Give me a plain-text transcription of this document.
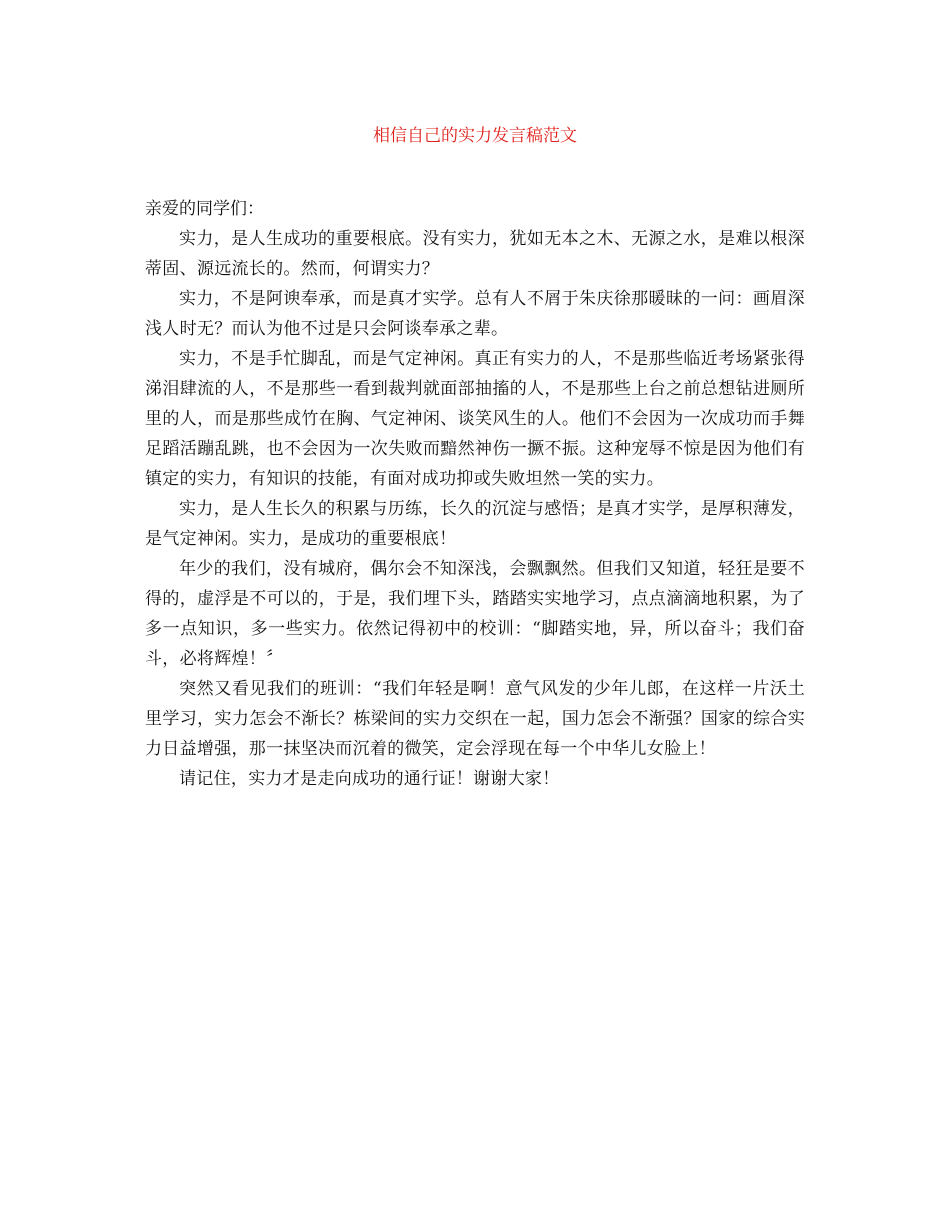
相信自己的实力发言稿范文

亲爱的同学们：

实力，是人生成功的重要根底。没有实力，犹如无本之木、无源之水，是难以根深蒂固、源远流长的。然而，何谓实力？

实力，不是阿谀奉承，而是真才实学。总有人不屑于朱庆徐那暖昧的一问：画眉深浅人时无？而认为他不过是只会阿谈奉承之辈。

实力，不是手忙脚乱，而是气定神闲。真正有实力的人，不是那些临近考场紧张得涕泪肆流的人，不是那些一看到裁判就面部抽搐的人，不是那些上台之前总想钻进厕所里的人，而是那些成竹在胸、气定神闲、谈笑风生的人。他们不会因为一次成功而手舞足蹈活蹦乱跳，也不会因为一次失败而黯然神伤一撅不振。这种宠辱不惊是因为他们有镇定的实力，有知识的技能，有面对成功抑或失败坦然一笑的实力。

实力，是人生长久的积累与历练，长久的沉淀与感悟；是真才实学，是厚积薄发，是气定神闲。实力，是成功的重要根底！

年少的我们，没有城府，偶尔会不知深浅，会飘飘然。但我们又知道，轻狂是要不得的，虚浮是不可以的，于是，我们埋下头，踏踏实实地学习，点点滴滴地积累，为了多一点知识，多一些实力。依然记得初中的校训：“脚踏实地，异，所以奋斗；我们奋斗，必将辉煌！〞

突然又看见我们的班训：“我们年轻是啊！意气风发的少年儿郎，在这样一片沃土里学习，实力怎会不渐长？栋梁间的实力交织在一起，国力怎会不渐强？国家的综合实力日益增强，那一抹坚决而沉着的微笑，定会浮现在每一个中华儿女脸上！

请记住，实力才是走向成功的通行证！谢谢大家！
